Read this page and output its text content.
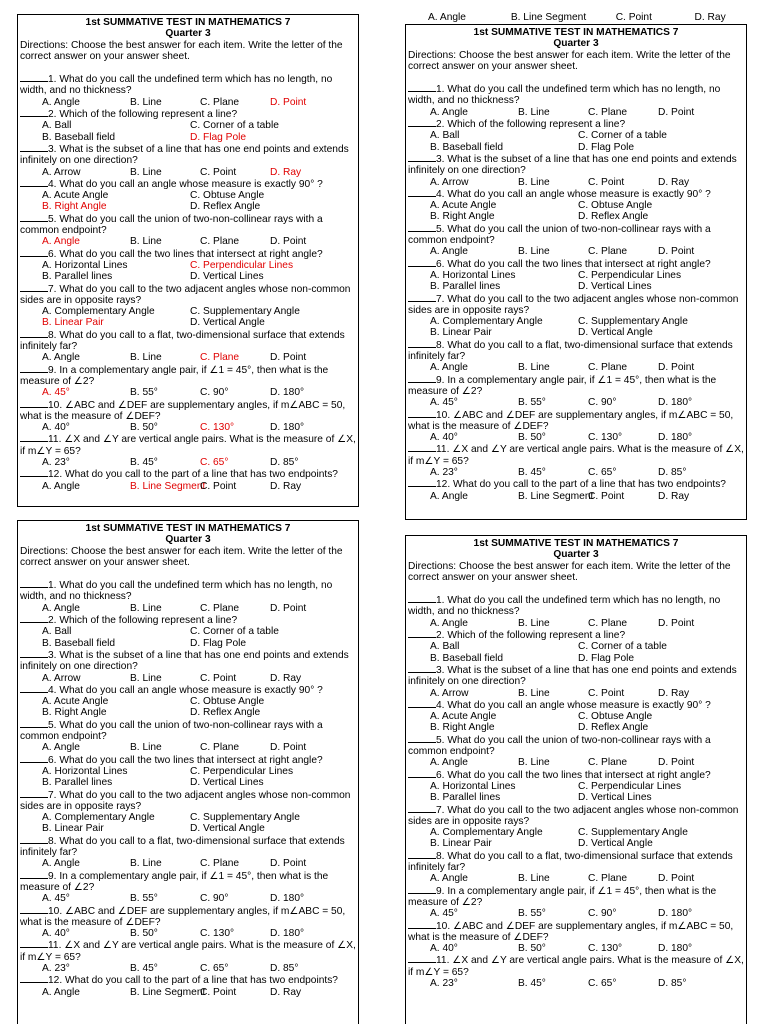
A. Angle	B. Line Segment	C. Point	D. Ray
1st SUMMATIVE TEST IN MATHEMATICS 7
Quarter 3

Directions: Choose the best answer for each item. Write the letter of the correct answer on your answer sheet.

1. What do you call the undefined term which has no length, no width, and no thickness?
A. Angle	B. Line	C. Plane	D. Point
2. Which of the following represent a line?
A. Ball	C. Corner of a table
B. Baseball field	D. Flag Pole
3. What is the subset of a line that has one end points and extends infinitely on one direction?
A. Arrow	B. Line	C. Point	D. Ray
4. What do you call an angle whose measure is exactly 90° ?
A. Acute Angle	C. Obtuse Angle
B. Right Angle	D. Reflex Angle
5. What do you call the union of two-non-collinear rays with a common endpoint?
A. Angle	B. Line	C. Plane	D. Point
6. What do you call the two lines that intersect at right angle?
A. Horizontal Lines	C. Perpendicular Lines
B. Parallel lines	D. Vertical Lines
7. What do you call to the two adjacent angles whose non-common sides are in opposite rays?
A. Complementary Angle	C. Supplementary Angle
B. Linear Pair	D. Vertical Angle
8. What do you call to a flat, two-dimensional surface that extends infinitely far?
A. Angle	B. Line	C. Plane	D. Point
9. In a complementary angle pair, if ∠1 = 45°, then what is the measure of ∠2?
A. 45°	B. 55°	C. 90°	D. 180°
10. ∠ABC and ∠DEF are supplementary angles, if m∠ABC = 50, what is the measure of ∠DEF?
A. 40°	B. 50°	C. 130°	D. 180°
11. ∠X and ∠Y are vertical angle pairs. What is the measure of ∠X, if m∠Y = 65?
A. 23°	B. 45°	C. 65°	D. 85°
12. What do you call to the part of a line that has two endpoints?
A. Angle	B. Line Segment
C. Point	D. Ray
1st SUMMATIVE TEST IN MATHEMATICS 7
Quarter 3

Directions: Choose the best answer for each item. Write the letter of the correct answer on your answer sheet.

1. What do you call the undefined term which has no length, no width, and no thickness?
A. Angle	B. Line	C. Plane	D. Point
2. Which of the following represent a line?
A. Ball	C. Corner of a table
B. Baseball field	D. Flag Pole
3. What is the subset of a line that has one end points and extends infinitely on one direction?
A. Arrow	B. Line	C. Point	D. Ray
4. What do you call an angle whose measure is exactly 90° ?
A. Acute Angle	C. Obtuse Angle
B. Right Angle	D. Reflex Angle
5. What do you call the union of two-non-collinear rays with a common endpoint?
A. Angle	B. Line	C. Plane	D. Point
6. What do you call the two lines that intersect at right angle?
A. Horizontal Lines	C. Perpendicular Lines
B. Parallel lines	D. Vertical Lines
7. What do you call to the two adjacent angles whose non-common sides are in opposite rays?
A. Complementary Angle	C. Supplementary Angle
B. Linear Pair	D. Vertical Angle
8. What do you call to a flat, two-dimensional surface that extends infinitely far?
A. Angle	B. Line	C. Plane	D. Point
9. In a complementary angle pair, if ∠1 = 45°, then what is the measure of ∠2?
A. 45°	B. 55°	C. 90°	D. 180°
10. ∠ABC and ∠DEF are supplementary angles, if m∠ABC = 50, what is the measure of ∠DEF?
A. 40°	B. 50°	C. 130°	D. 180°
11. ∠X and ∠Y are vertical angle pairs. What is the measure of ∠X, if m∠Y = 65?
A. 23°	B. 45°	C. 65°	D. 85°
12. What do you call to the part of a line that has two endpoints?
A. Angle	B. Line Segment
C. Point	D. Ray
1st SUMMATIVE TEST IN MATHEMATICS 7
Quarter 3

Directions: Choose the best answer for each item. Write the letter of the correct answer on your answer sheet.

1. What do you call the undefined term which has no length, no width, and no thickness?
A. Angle	B. Line	C. Plane	D. Point
2. Which of the following represent a line?
A. Ball	C. Corner of a table
B. Baseball field	D. Flag Pole
3. What is the subset of a line that has one end points and extends infinitely on one direction?
A. Arrow	B. Line	C. Point	D. Ray
4. What do you call an angle whose measure is exactly 90° ?
A. Acute Angle	C. Obtuse Angle
B. Right Angle	D. Reflex Angle
5. What do you call the union of two-non-collinear rays with a common endpoint?
A. Angle	B. Line	C. Plane	D. Point
6. What do you call the two lines that intersect at right angle?
A. Horizontal Lines	C. Perpendicular Lines
B. Parallel lines	D. Vertical Lines
7. What do you call to the two adjacent angles whose non-common sides are in opposite rays?
A. Complementary Angle	C. Supplementary Angle
B. Linear Pair	D. Vertical Angle
8. What do you call to a flat, two-dimensional surface that extends infinitely far?
A. Angle	B. Line	C. Plane	D. Point
9. In a complementary angle pair, if ∠1 = 45°, then what is the measure of ∠2?
A. 45°	B. 55°	C. 90°	D. 180°
10. ∠ABC and ∠DEF are supplementary angles, if m∠ABC = 50, what is the measure of ∠DEF?
A. 40°	B. 50°	C. 130°	D. 180°
11. ∠X and ∠Y are vertical angle pairs. What is the measure of ∠X, if m∠Y = 65?
A. 23°	B. 45°	C. 65°	D. 85°
12. What do you call to the part of a line that has two endpoints?
A. Angle	B. Line Segment
C. Point	D. Ray
1st SUMMATIVE TEST IN MATHEMATICS 7
Quarter 3

Directions: Choose the best answer for each item. Write the letter of the correct answer on your answer sheet.

1. What do you call the undefined term which has no length, no width, and no thickness?
A. Angle	B. Line	C. Plane	D. Point
2. Which of the following represent a line?
A. Ball	C. Corner of a table
B. Baseball field	D. Flag Pole
3. What is the subset of a line that has one end points and extends infinitely on one direction?
A. Arrow	B. Line	C. Point	D. Ray
4. What do you call an angle whose measure is exactly 90° ?
A. Acute Angle	C. Obtuse Angle
B. Right Angle	D. Reflex Angle
5. What do you call the union of two-non-collinear rays with a common endpoint?
A. Angle	B. Line	C. Plane	D. Point
6. What do you call the two lines that intersect at right angle?
A. Horizontal Lines	C. Perpendicular Lines
B. Parallel lines	D. Vertical Lines
7. What do you call to the two adjacent angles whose non-common sides are in opposite rays?
A. Complementary Angle	C. Supplementary Angle
B. Linear Pair	D. Vertical Angle
8. What do you call to a flat, two-dimensional surface that extends infinitely far?
A. Angle	B. Line	C. Plane	D. Point
9. In a complementary angle pair, if ∠1 = 45°, then what is the measure of ∠2?
A. 45°	B. 55°	C. 90°	D. 180°
10. ∠ABC and ∠DEF are supplementary angles, if m∠ABC = 50, what is the measure of ∠DEF?
A. 40°	B. 50°	C. 130°	D. 180°
11. ∠X and ∠Y are vertical angle pairs. What is the measure of ∠X, if m∠Y = 65?
A. 23°	B. 45°	C. 65°	D. 85°
